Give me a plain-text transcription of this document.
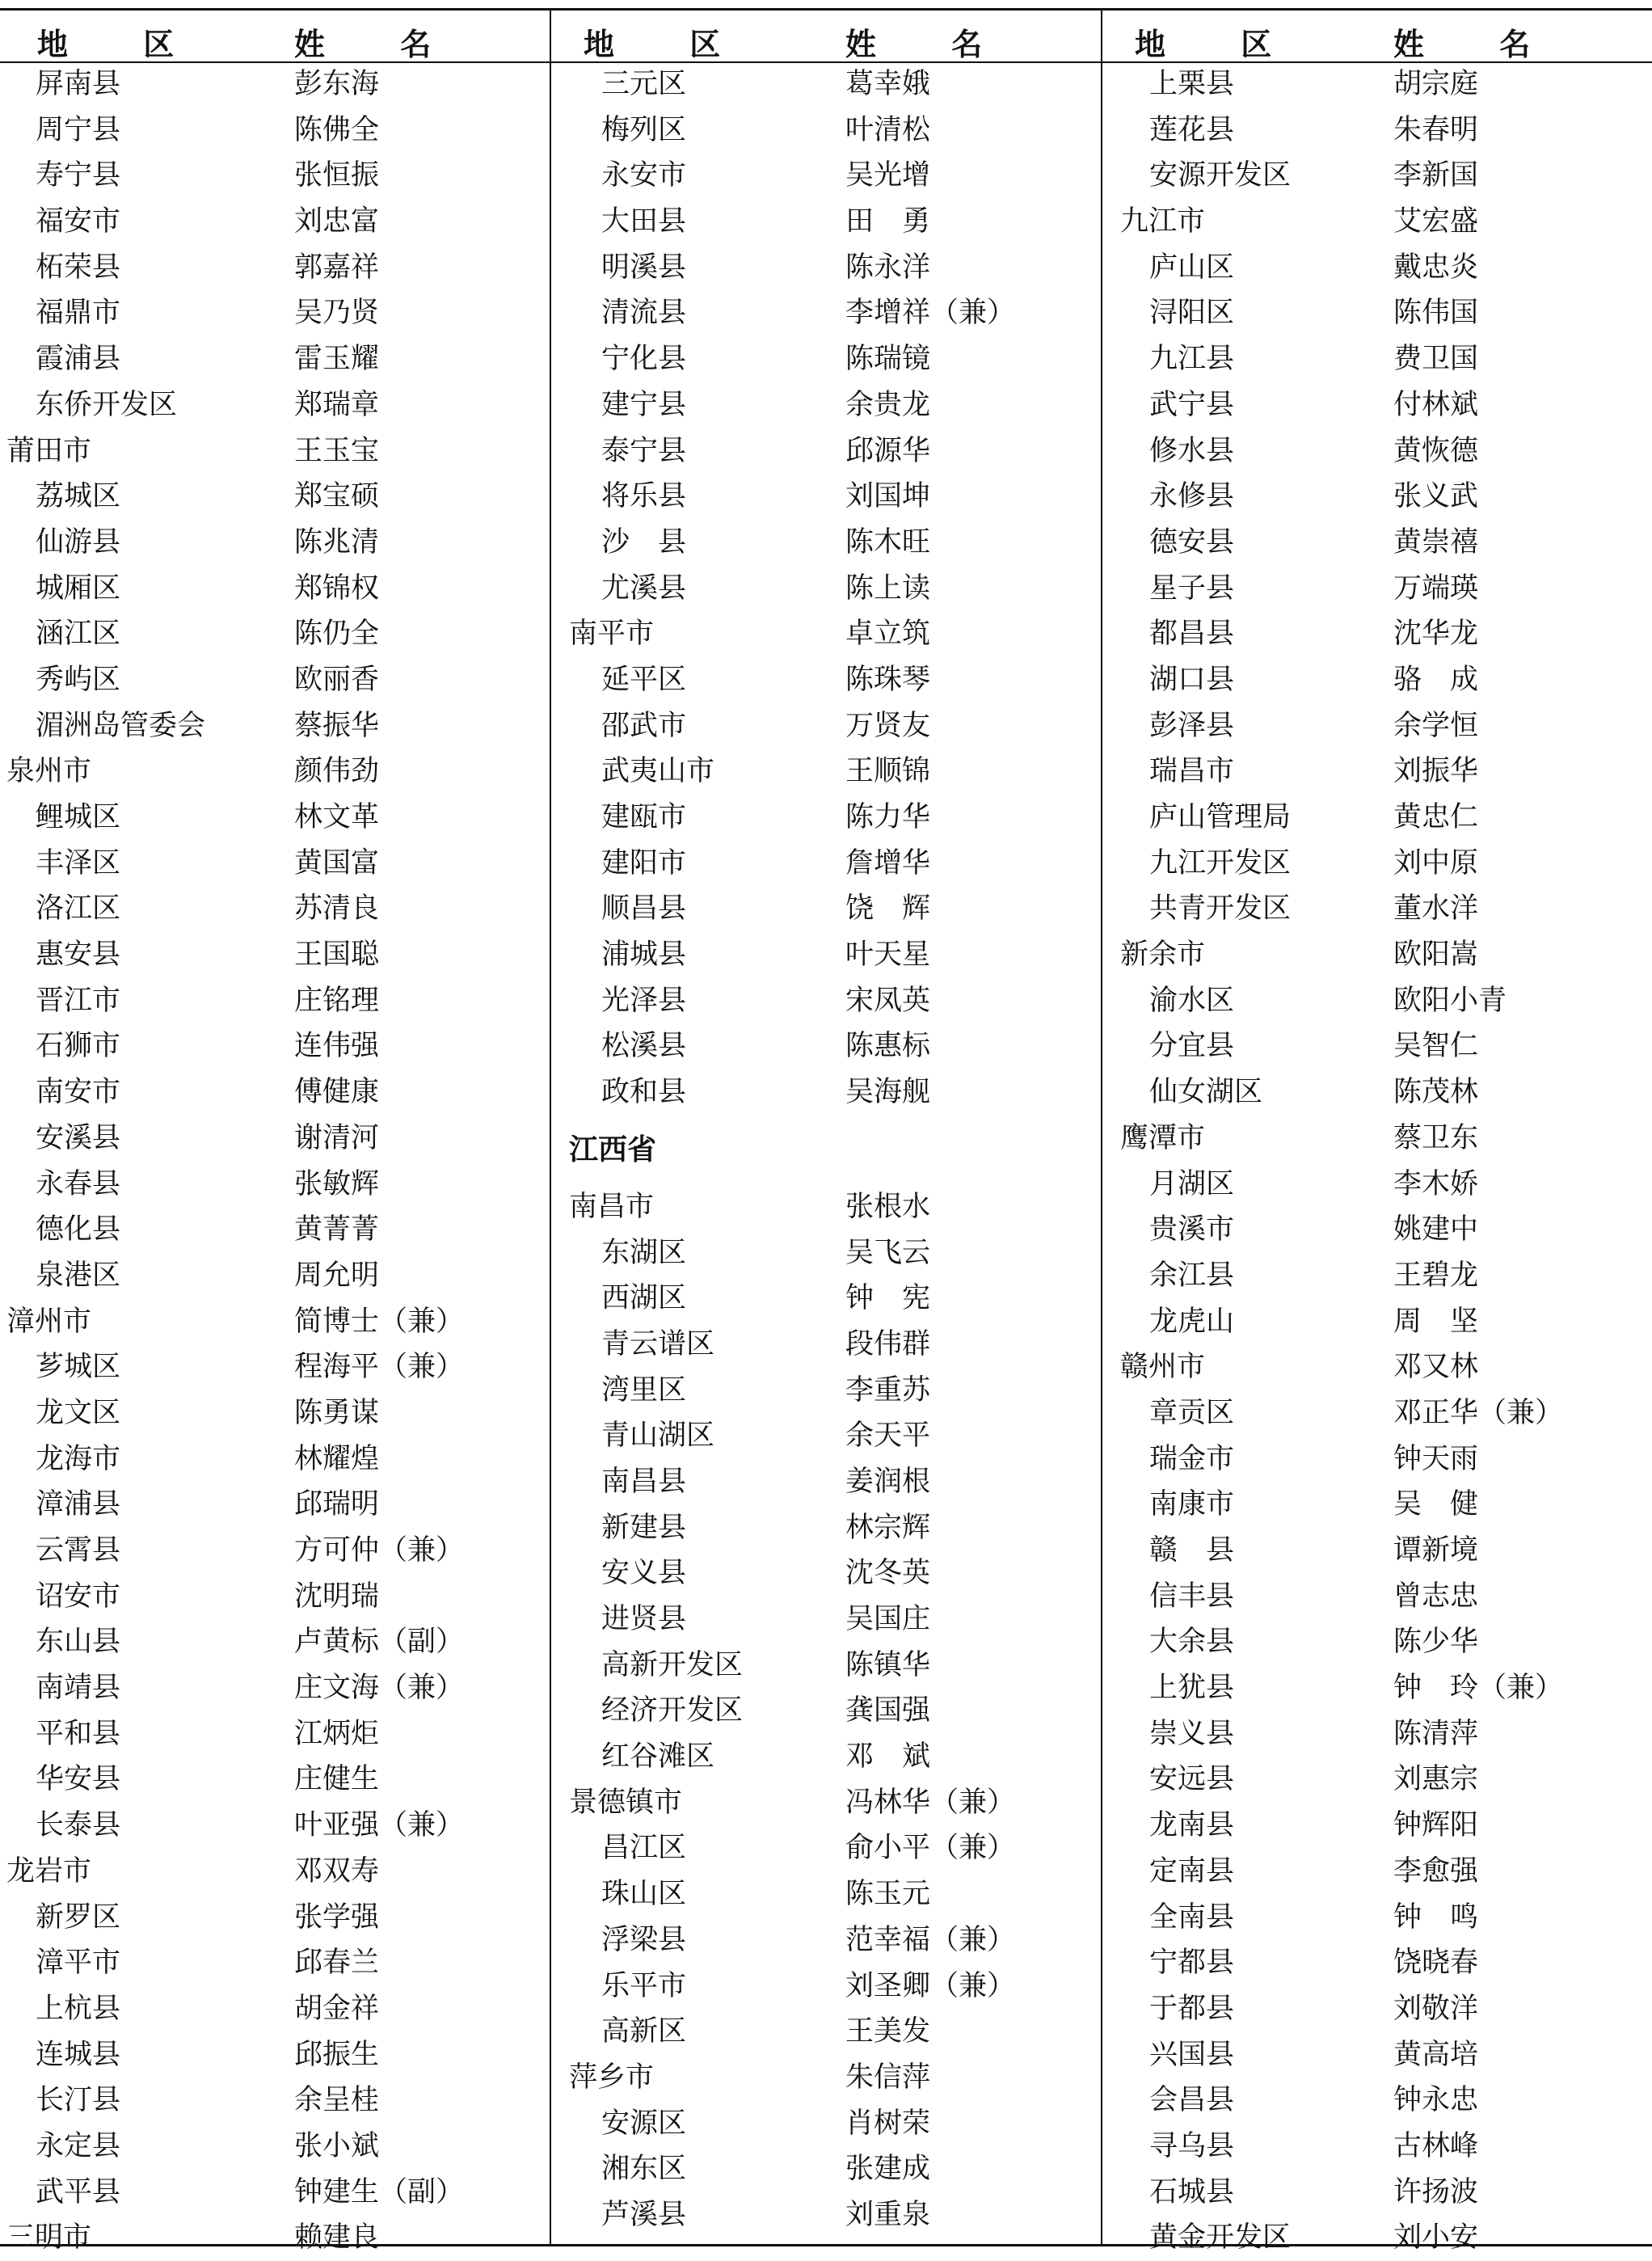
地 区	姓 名
屏南县	彭东海
周宁县	陈佛全
寿宁县	张恒振
福安市	刘忠富
柘荣县	郭嘉祥
福鼎市	吴乃贤
霞浦县	雷玉耀
东侨开发区	郑瑞章
莆田市	王玉宝
荔城区	郑宝硕
仙游县	陈兆清
城厢区	郑锦权
涵江区	陈仍全
秀屿区	欧丽香
湄洲岛管委会	蔡振华
泉州市	颜伟劲
鲤城区	林文革
丰泽区	黄国富
洛江区	苏清良
惠安县	王国聪
晋江市	庄铭理
石狮市	连伟强
南安市	傅健康
安溪县	谢清河
永春县	张敏辉
德化县	黄菁菁
泉港区	周允明
漳州市	简博士（兼）
芗城区	程海平（兼）
龙文区	陈勇谋
龙海市	林耀煌
漳浦县	邱瑞明
云霄县	方可仲（兼）
诏安市	沈明瑞
东山县	卢黄标（副）
南靖县	庄文海（兼）
平和县	江炳炬
华安县	庄健生
长泰县	叶亚强（兼）
龙岩市	邓双寿
新罗区	张学强
漳平市	邱春兰
上杭县	胡金祥
连城县	邱振生
长汀县	余呈桂
永定县	张小斌
武平县	钟建生（副）
三明市	赖建良
地 区	姓 名
三元区	葛幸娥
梅列区	叶清松
永安市	吴光增
大田县	田　勇
明溪县	陈永洋
清流县	李增祥（兼）
宁化县	陈瑞镜
建宁县	余贵龙
泰宁县	邱源华
将乐县	刘国坤
沙　县	陈木旺
尤溪县	陈上读
南平市	卓立筑
延平区	陈珠琴
邵武市	万贤友
武夷山市	王顺锦
建瓯市	陈力华
建阳市	詹增华
顺昌县	饶　辉
浦城县	叶天星
光泽县	宋凤英
松溪县	陈惠标
政和县	吴海舰
江西省
南昌市	张根水
东湖区	吴飞云
西湖区	钟　宪
青云谱区	段伟群
湾里区	李重苏
青山湖区	余天平
南昌县	姜润根
新建县	林宗辉
安义县	沈冬英
进贤县	吴国庄
高新开发区	陈镇华
经济开发区	龚国强
红谷滩区	邓　斌
景德镇市	冯林华（兼）
昌江区	俞小平（兼）
珠山区	陈玉元
浮梁县	范幸福（兼）
乐平市	刘圣卿（兼）
高新区	王美发
萍乡市	朱信萍
安源区	肖树荣
湘东区	张建成
芦溪县	刘重泉
地 区	姓 名
上栗县	胡宗庭
莲花县	朱春明
安源开发区	李新国
九江市	艾宏盛
庐山区	戴忠炎
浔阳区	陈伟国
九江县	费卫国
武宁县	付林斌
修水县	黄恢德
永修县	张义武
德安县	黄崇禧
星子县	万端瑛
都昌县	沈华龙
湖口县	骆　成
彭泽县	余学恒
瑞昌市	刘振华
庐山管理局	黄忠仁
九江开发区	刘中原
共青开发区	董水洋
新余市	欧阳嵩
渝水区	欧阳小青
分宜县	吴智仁
仙女湖区	陈茂林
鹰潭市	蔡卫东
月湖区	李木娇
贵溪市	姚建中
余江县	王碧龙
龙虎山	周　坚
赣州市	邓又林
章贡区	邓正华（兼）
瑞金市	钟天雨
南康市	吴　健
赣　县	谭新境
信丰县	曾志忠
大余县	陈少华
上犹县	钟　玲（兼）
崇义县	陈清萍
安远县	刘惠宗
龙南县	钟辉阳
定南县	李愈强
全南县	钟　鸣
宁都县	饶晓春
于都县	刘敬洋
兴国县	黄高培
会昌县	钟永忠
寻乌县	古林峰
石城县	许扬波
黄金开发区	刘小安
